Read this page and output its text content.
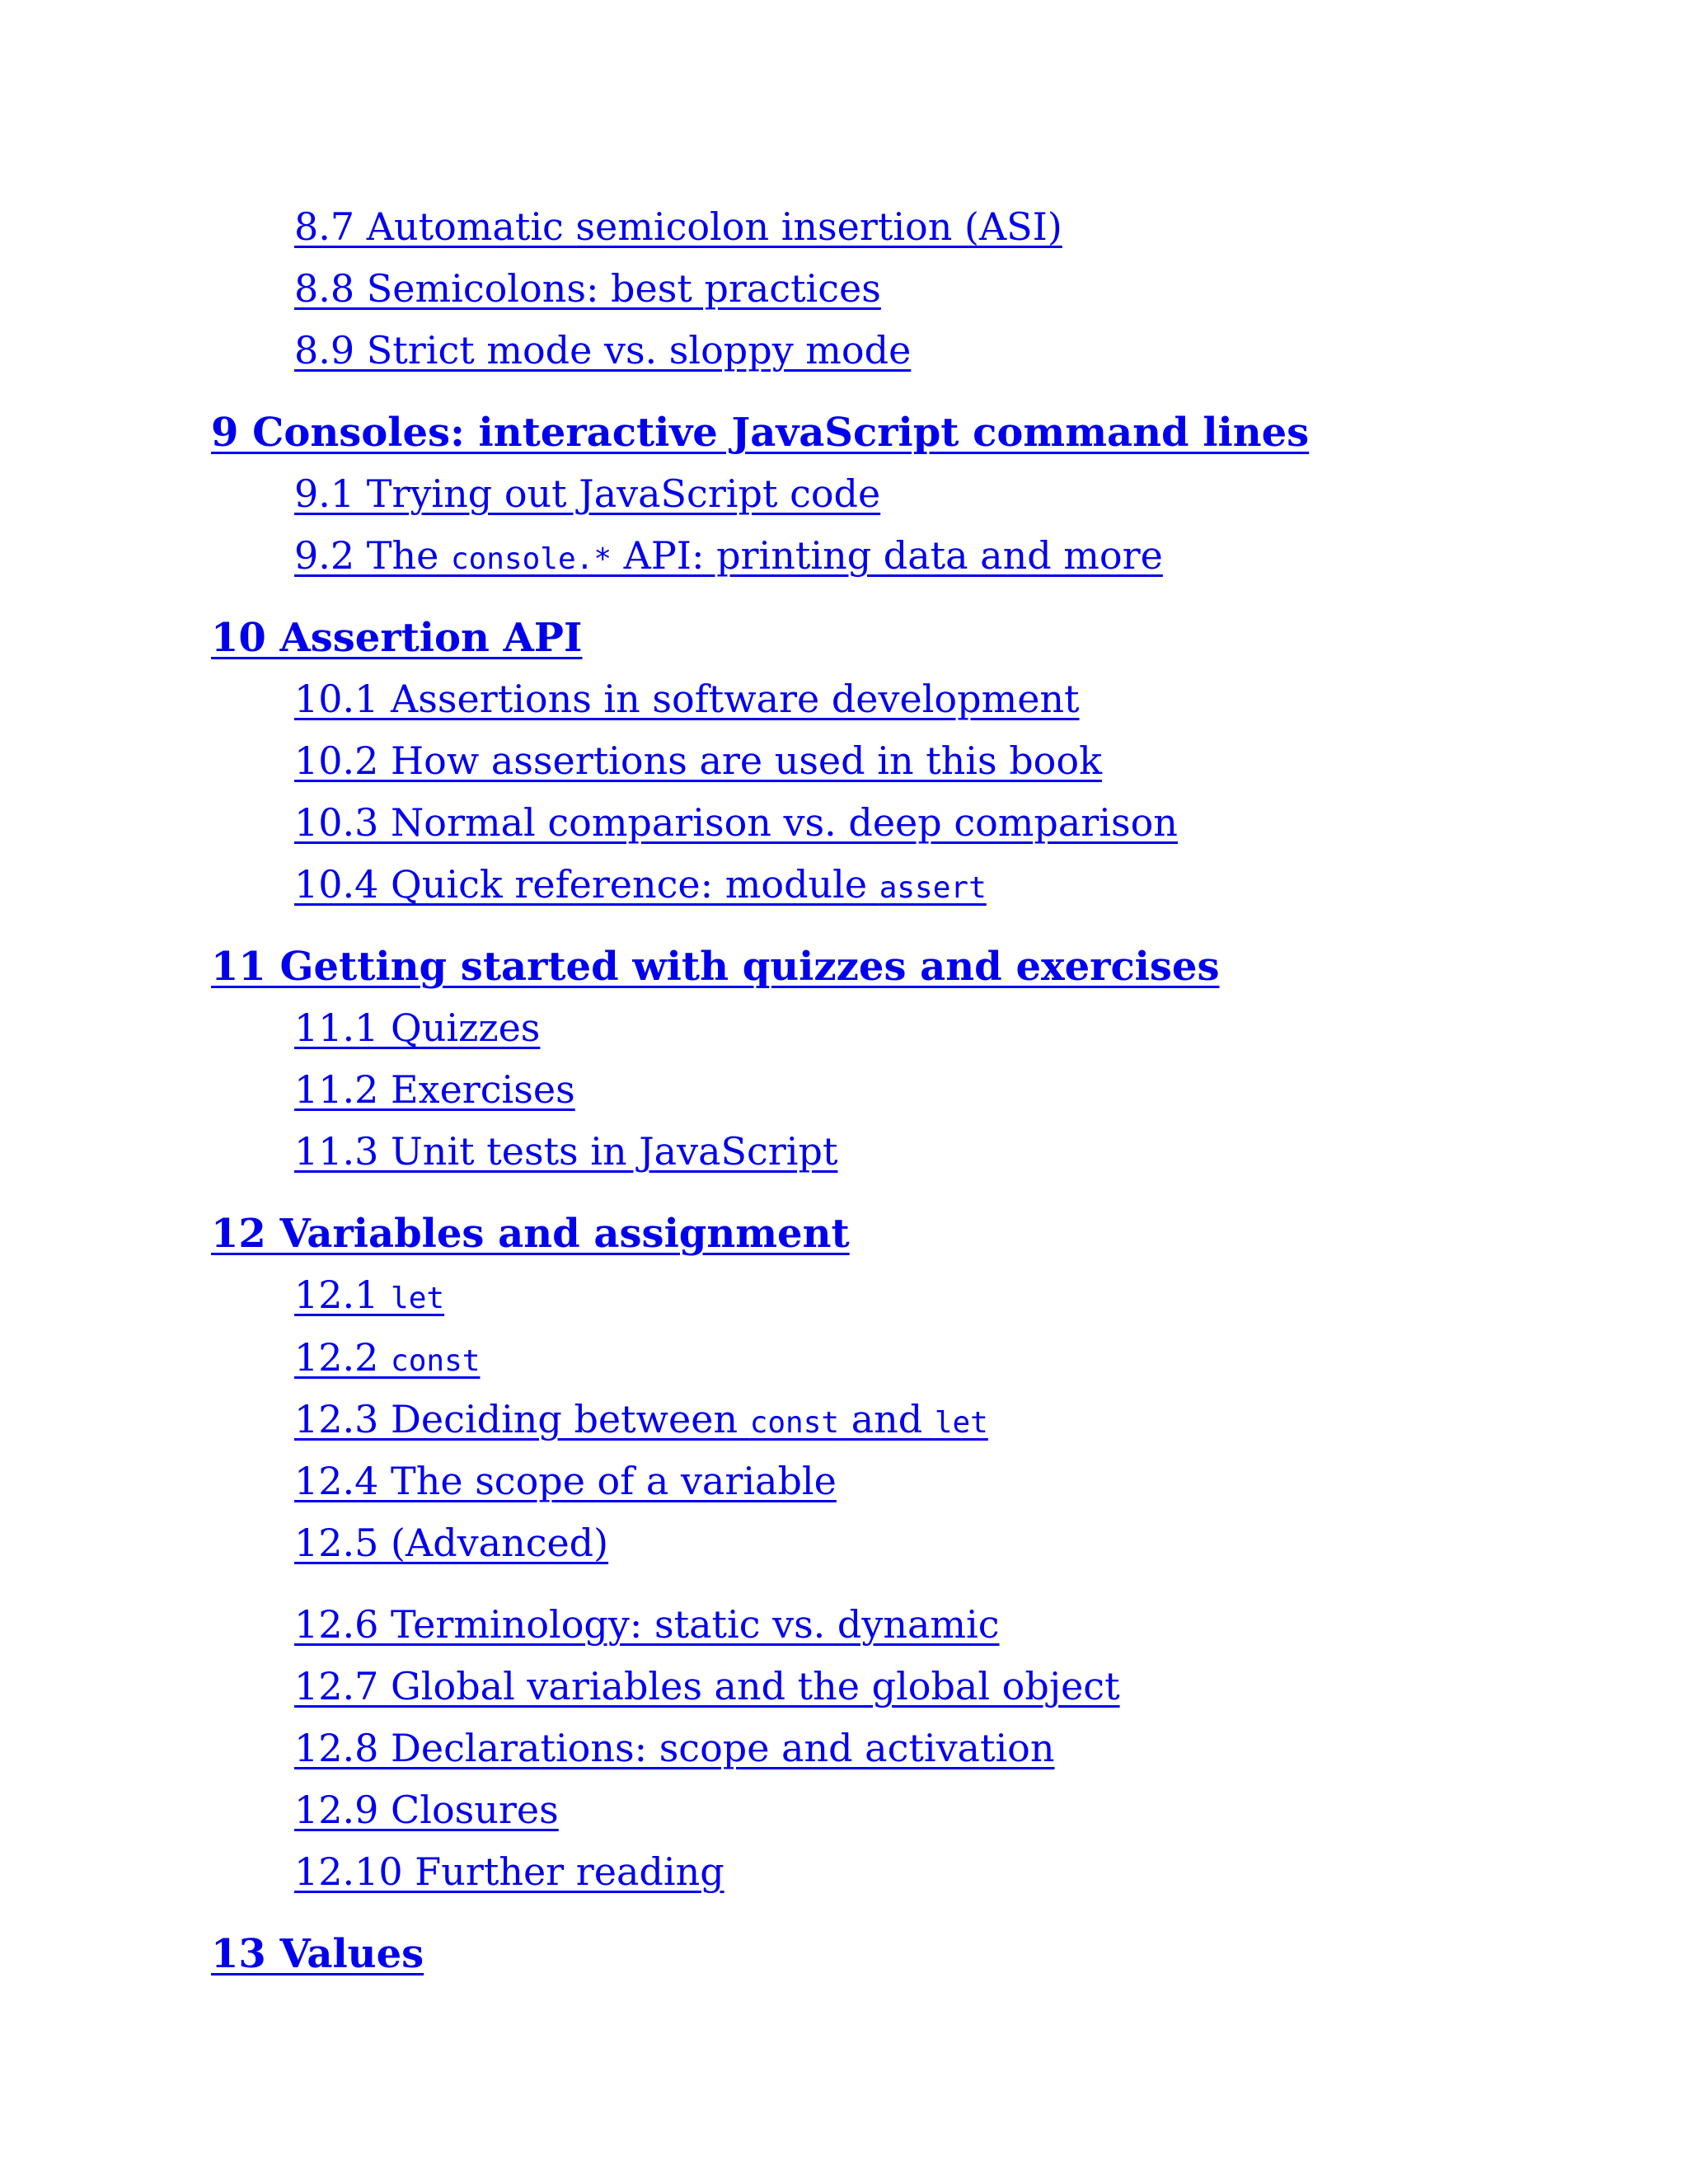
8.7 Automatic semicolon insertion (ASI)
8.8 Semicolons: best practices
8.9 Strict mode vs. sloppy mode
9 Consoles: interactive JavaScript command lines
9.1 Trying out JavaScript code
9.2 The console.* API: printing data and more
10 Assertion API
10.1 Assertions in software development
10.2 How assertions are used in this book
10.3 Normal comparison vs. deep comparison
10.4 Quick reference: module assert
11 Getting started with quizzes and exercises
11.1 Quizzes
11.2 Exercises
11.3 Unit tests in JavaScript
12 Variables and assignment
12.1 let
12.2 const
12.3 Deciding between const and let
12.4 The scope of a variable
12.5 (Advanced)
12.6 Terminology: static vs. dynamic
12.7 Global variables and the global object
12.8 Declarations: scope and activation
12.9 Closures
12.10 Further reading
13 Values
